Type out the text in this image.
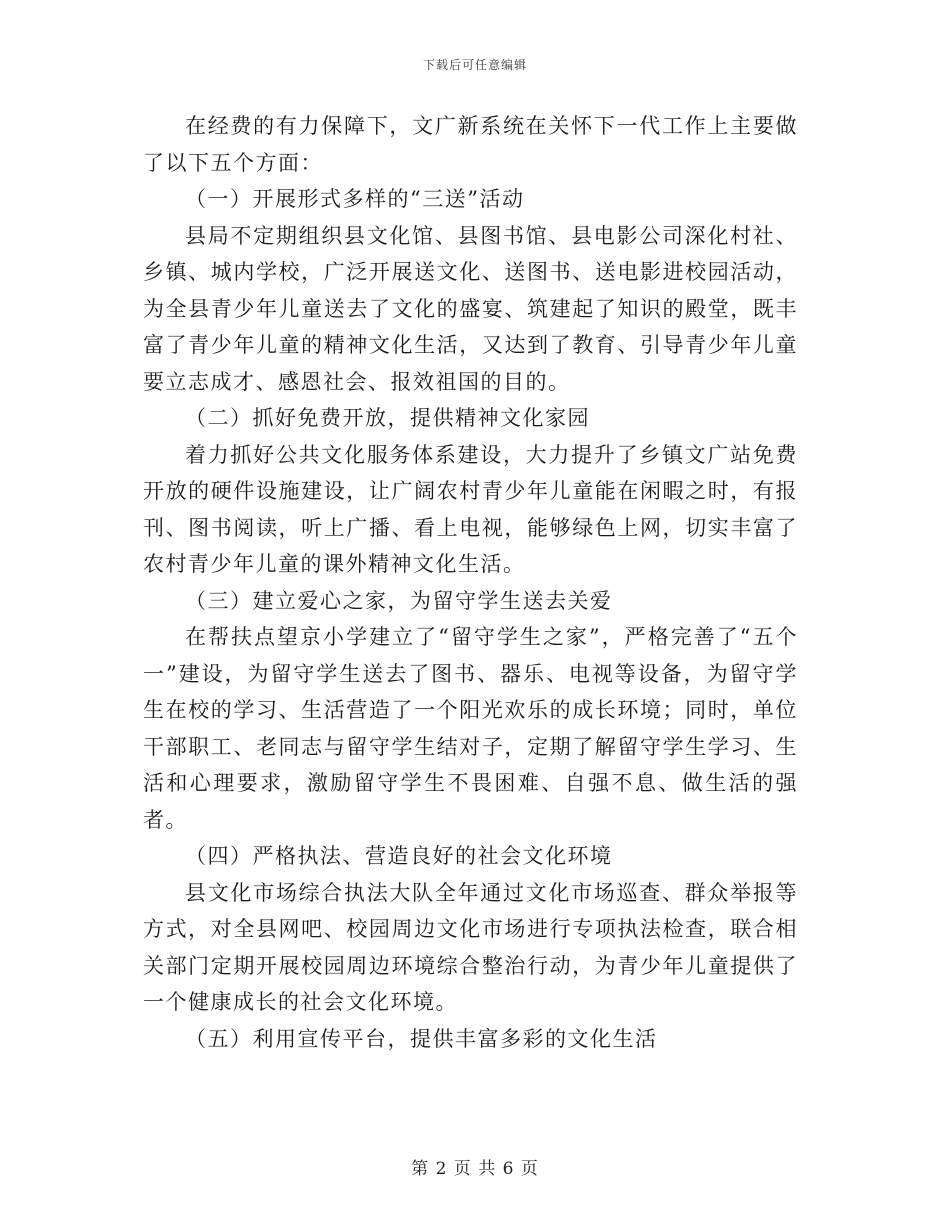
下载后可任意编辑

在经费的有力保障下，文广新系统在关怀下一代工作上主要做了以下五个方面：

（一）开展形式多样的“三送”活动

县局不定期组织县文化馆、县图书馆、县电影公司深化村社、乡镇、城内学校，广泛开展送文化、送图书、送电影进校园活动，为全县青少年儿童送去了文化的盛宴、筑建起了知识的殿堂，既丰富了青少年儿童的精神文化生活，又达到了教育、引导青少年儿童要立志成才、感恩社会、报效祖国的目的。

（二）抓好免费开放，提供精神文化家园

着力抓好公共文化服务体系建设，大力提升了乡镇文广站免费开放的硬件设施建设，让广阔农村青少年儿童能在闲暇之时，有报刊、图书阅读，听上广播、看上电视，能够绿色上网，切实丰富了农村青少年儿童的课外精神文化生活。

（三）建立爱心之家，为留守学生送去关爱

在帮扶点望京小学建立了“留守学生之家”，严格完善了“五个一”建设，为留守学生送去了图书、器乐、电视等设备，为留守学生在校的学习、生活营造了一个阳光欢乐的成长环境；同时，单位干部职工、老同志与留守学生结对子，定期了解留守学生学习、生活和心理要求，激励留守学生不畏困难、自强不息、做生活的强者。

（四）严格执法、营造良好的社会文化环境

县文化市场综合执法大队全年通过文化市场巡查、群众举报等方式，对全县网吧、校园周边文化市场进行专项执法检查，联合相关部门定期开展校园周边环境综合整治行动，为青少年儿童提供了一个健康成长的社会文化环境。

（五）利用宣传平台，提供丰富多彩的文化生活

第 2 页 共 6 页
